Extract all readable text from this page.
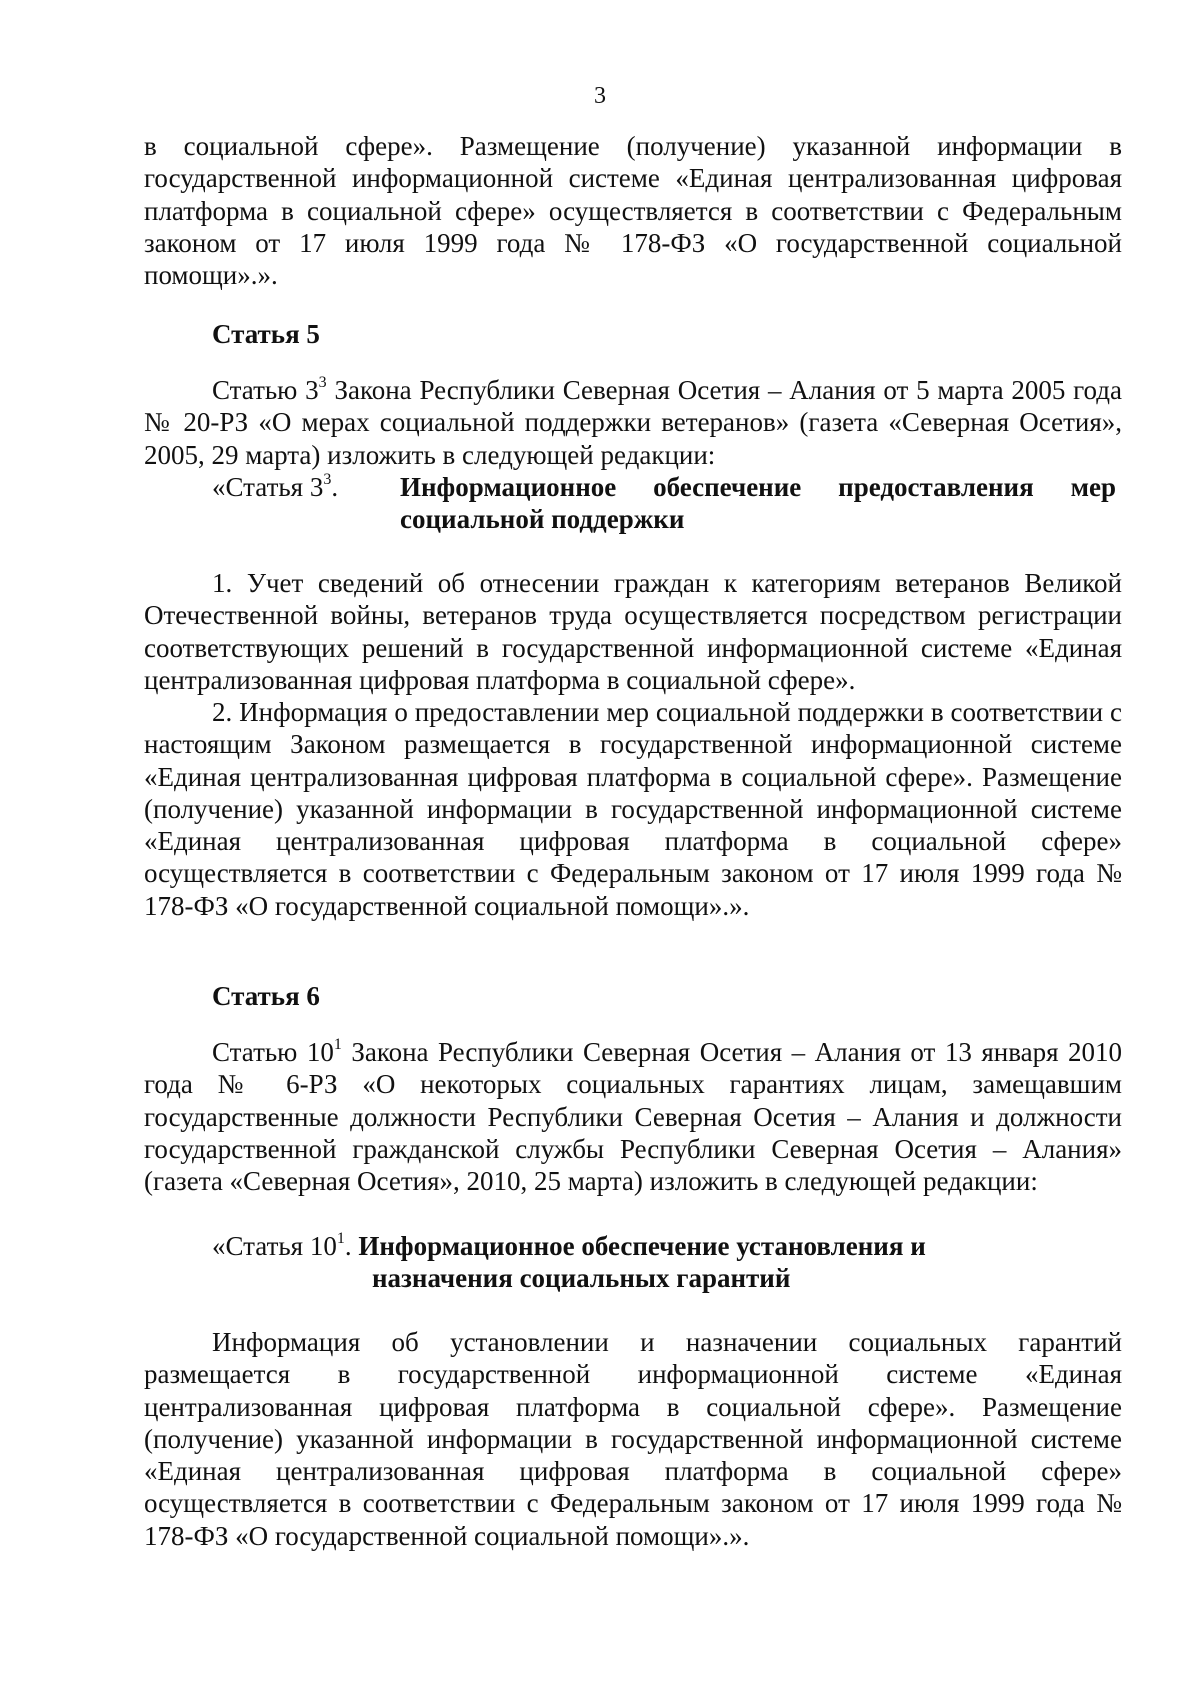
3

в социальной сфере». Размещение (получение) указанной информации в государственной информационной системе «Единая централизованная цифровая платформа в социальной сфере» осуществляется в соответствии с Федеральным законом от 17 июля 1999 года № 178-ФЗ «О государственной социальной помощи».».

Статья 5

Статью $3^3$ Закона Республики Северная Осетия – Алания от 5 марта 2005 года № 20-РЗ «О мерах социальной поддержки ветеранов» (газета «Северная Осетия», 2005, 29 марта) изложить в следующей редакции:

«Статья $3^3$. Информационное обеспечение предоставления мер
социальной поддержки

1. Учет сведений об отнесении граждан к категориям ветеранов Великой Отечественной войны, ветеранов труда осуществляется посредством регистрации соответствующих решений в государственной информационной системе «Единая централизованная цифровая платформа в социальной сфере».

2. Информация о предоставлении мер социальной поддержки в соответствии с настоящим Законом размещается в государственной информационной системе «Единая централизованная цифровая платформа в социальной сфере». Размещение (получение) указанной информации в государственной информационной системе «Единая централизованная цифровая платформа в социальной сфере» осуществляется в соответствии с Федеральным законом от 17 июля 1999 года № 178-ФЗ «О государственной социальной помощи».».

Статья 6

Статью $10^1$ Закона Республики Северная Осетия – Алания от 13 января 2010 года № 6-РЗ «О некоторых социальных гарантиях лицам, замещавшим государственные должности Республики Северная Осетия – Алания и должности государственной гражданской службы Республики Северная Осетия – Алания» (газета «Северная Осетия», 2010, 25 марта) изложить в следующей редакции:

«Статья $10^1$. Информационное обеспечение установления и
назначения социальных гарантий

Информация об установлении и назначении социальных гарантий размещается в государственной информационной системе «Единая централизованная цифровая платформа в социальной сфере». Размещение (получение) указанной информации в государственной информационной системе «Единая централизованная цифровая платформа в социальной сфере» осуществляется в соответствии с Федеральным законом от 17 июля 1999 года № 178-ФЗ «О государственной социальной помощи».».
